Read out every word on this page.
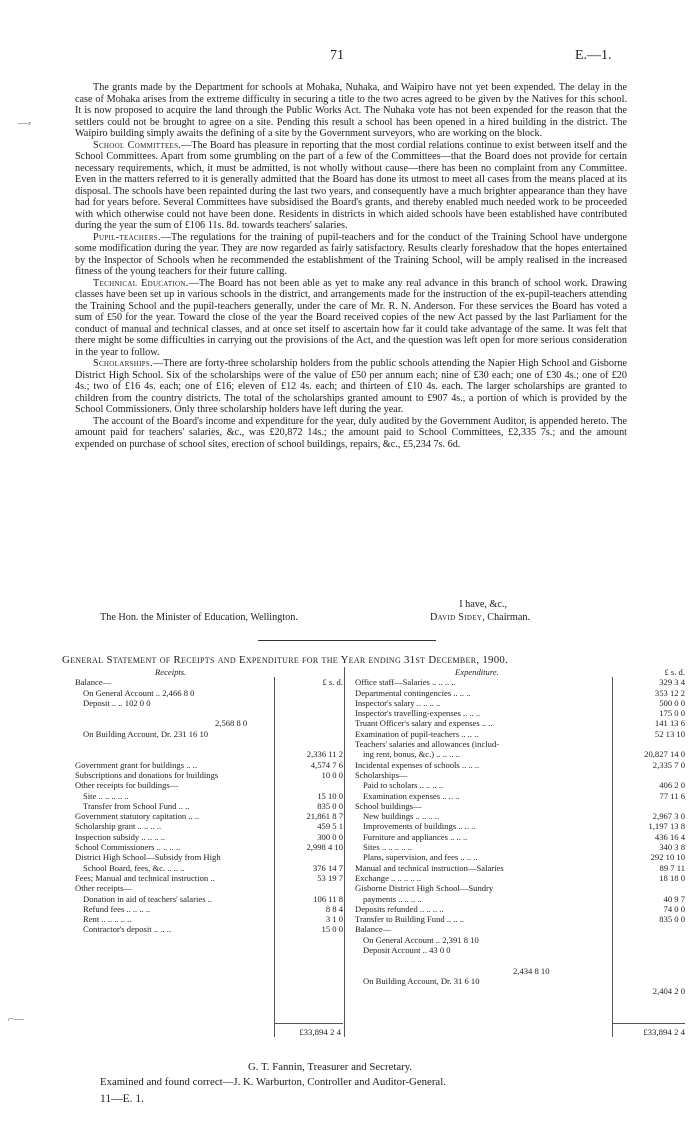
71	E.—1.
—⸗
⌐—

The grants made by the Department for schools at Mohaka, Nuhaka, and Waipiro have not yet been expended. The delay in the case of Mohaka arises from the extreme difficulty in securing a title to the two acres agreed to be given by the Natives for this school. It is now proposed to acquire the land through the Public Works Act. The Nuhaka vote has not been expended for the reason that the settlers could not be brought to agree on a site. Pending this result a school has been opened in a hired building in the district. The Waipiro building simply awaits the defining of a site by the Government surveyors, who are working on the block.

School Committees.—The Board has pleasure in reporting that the most cordial relations continue to exist between itself and the School Committees. Apart from some grumbling on the part of a few of the Committees—that the Board does not provide for certain necessary requirements, which, it must be admitted, is not wholly without cause—there has been no complaint from any Committee. Even in the matters referred to it is generally admitted that the Board has done its utmost to meet all cases from the means placed at its disposal. The schools have been repainted during the last two years, and consequently have a much brighter appearance than they have had for years before. Several Committees have subsidised the Board's grants, and thereby enabled much needed work to be proceeded with which otherwise could not have been done. Residents in districts in which aided schools have been established have contributed during the year the sum of £106 11s. 8d. towards teachers' salaries.

Pupil-teachers.—The regulations for the training of pupil-teachers and for the conduct of the Training School have undergone some modification during the year. They are now regarded as fairly satisfactory. Results clearly foreshadow that the hopes entertained by the Inspector of Schools when he recommended the establishment of the Training School, will be amply realised in the increased fitness of the young teachers for their future calling.

Technical Education.—The Board has not been able as yet to make any real advance in this branch of school work. Drawing classes have been set up in various schools in the district, and arrangements made for the instruction of the ex-pupil-teachers attending the Training School and the pupil-teachers generally, under the care of Mr. R. N. Anderson. For these services the Board has voted a sum of £50 for the year. Toward the close of the year the Board received copies of the new Act passed by the last Parliament for the conduct of manual and technical classes, and at once set itself to ascertain how far it could take advantage of the same. It was felt that there might be some difficulties in carrying out the provisions of the Act, and the question was left open for more serious consideration in the year to follow.

Scholarships.—There are forty-three scholarship holders from the public schools attending the Napier High School and Gisborne District High School. Six of the scholarships were of the value of £50 per annum each; nine of £30 each; one of £30 4s.; one of £20 4s.; two of £16 4s. each; one of £16; eleven of £12 4s. each; and thirteen of £10 4s. each. The larger scholarships are granted to children from the country districts. The total of the scholarships granted amount to £907 4s., a portion of which is provided by the School Commissioners. Only three scholarship holders have left during the year.

The account of the Board's income and expenditure for the year, duly audited by the Government Auditor, is appended hereto. The amount paid for teachers' salaries, &c., was £20,872 14s.; the amount paid to School Committees, £2,335 7s.; and the amount expended on purchase of school sites, erection of school buildings, repairs, &c., £5,234 7s. 6d.

I have, &c.,
The Hon. the Minister of Education, Wellington.	David Sidey, Chairman.
General Statement of Receipts and Expenditure for the Year ending 31st December, 1900.
Receipts.
Balance—	£ s. d.
On General Account .. 2,466 8 0
Deposit .. .. 102 0 0
2,568 8 0
On Building Account, Dr. 231 16 10
2,336 11 2
Government grant for buildings .. ..	4,574 7 6
Subscriptions and donations for buildings	10 0 0
Other receipts for buildings—
Site .. .. .. .. ..	15 10 0
Transfer from School Fund .. ..	835 0 0
Government statutory capitation .. ..	21,861 8 7
Scholarship grant .. .. .. ..	459 5 1
Inspection subsidy .. .. .. ..	300 0 0
School Commissioners .. .. .. ..	2,998 4 10
District High School—Subsidy from High
School Board, fees, &c. .. .. ..	376 14 7
Fees; Manual and technical instruction ..	53 19 7
Other receipts—
Donation in aid of teachers' salaries ..	106 11 8
Refund fees .. .. .. ..	8 8 4
Rent .. .. .. .. ..	3 1 0
Contractor's deposit .. .. ..	15 0 0
Expenditure.	£ s. d.
Office staff—Salaries .. .. .. ..	329 3 4
Departmental contingencies .. .. ..	353 12 2
Inspector's salary .. .. .. ..	500 0 0
Inspector's travelling-expenses .. .. ..	175 0 0
Truant Officer's salary and expenses .. ..	141 13 6
Examination of pupil-teachers .. .. ..	52 13 10
Teachers' salaries and allowances (includ-
ing rent, bonus, &c.) .. .. .. ..	20,827 14 0
Incidental expenses of schools .. .. ..	2,335 7 0
Scholarships—
Paid to scholars .. .. .. ..	406 2 0
Examination expenses .. .. ..	77 11 6
School buildings—
New buildings .. .. .. ..	2,967 3 0
Improvements of buildings .. .. ..	1,197 13 8
Furniture and appliances .. .. ..	436 16 4
Sites .. .. .. .. ..	340 3 8
Plans, supervision, and fees .. .. ..	292 10 10
Manual and technical instruction—Salaries	89 7 11
Exchange .. .. .. .. ..	18 18 0
Gisborne District High School—Sundry
payments .. .. .. ..	40 9 7
Deposits refunded .. .. .. ..	74 0 0
Transfer to Building Fund .. .. ..	835 0 0
Balance—
On General Account .. 2,391 8 10
Deposit Account .. 43 0 0
2,434 8 10
On Building Account, Dr. 31 6 10
2,404 2 0
£33,894 2 4	£33,894 2 4
G. T. Fannin, Treasurer and Secretary.
Examined and found correct—J. K. Warburton, Controller and Auditor-General.
11—E. 1.
